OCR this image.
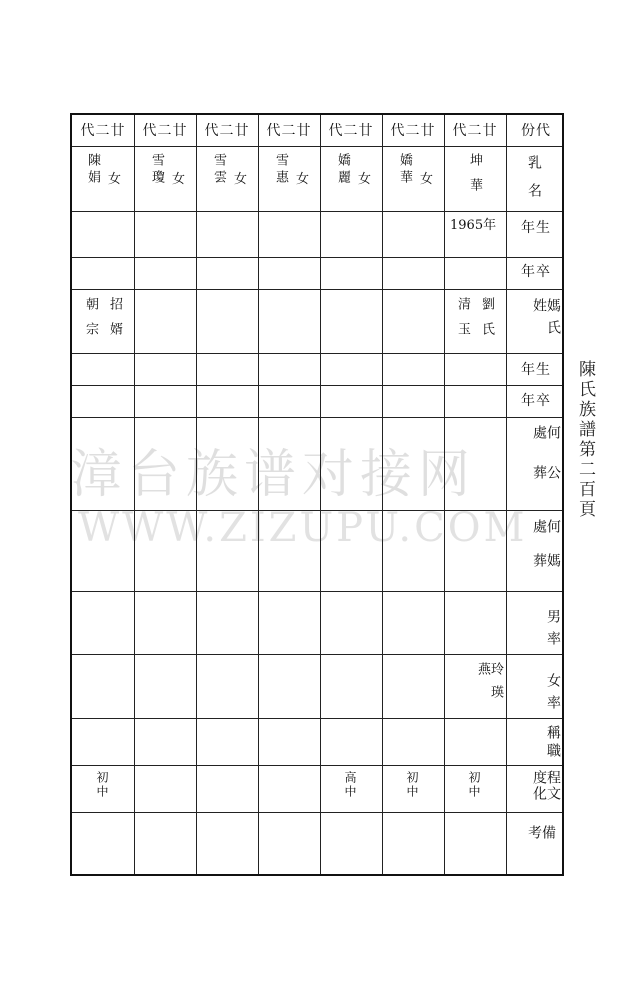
漳台族谱对接网
WWW.ZIZUPU.COM
份代
乳名
年生
年卒
媽氏姓
年生
年卒
何公處葬
何媽處葬
男率
女率
稱職
程文度化
備考
代二廿
陳娟 女
招婿
朝宗
初中
代二廿
雪瓊 女
代二廿
雪雲 女
代二廿
雪惠 女
代二廿
嬌麗 女
高中
代二廿
嬌華 女
初中
代二廿
坤華
1965年
劉氏
清玉
玲瑛燕
初中
陳氏族譜第二百頁
